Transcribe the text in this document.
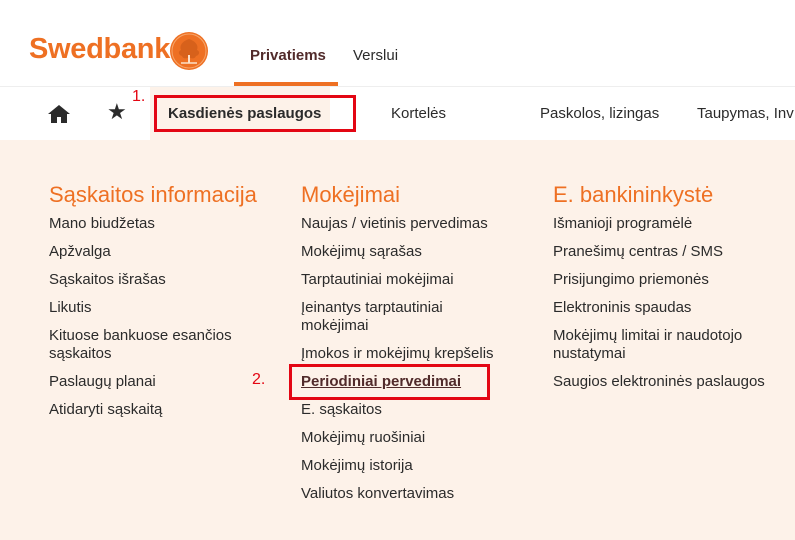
Swedbank	Privatiems Verslui
★	Kasdienės paslaugos	Kortelės	Paskolos, lizingas	Taupymas, Inv
Sąskaitos informacija
Mano biudžetas
Apžvalga
Sąskaitos išrašas
Likutis
Kituose bankuose esančios
sąskaitos
Paslaugų planai
Atidaryti sąskaitą
Mokėjimai
Naujas / vietinis pervedimas
Mokėjimų sąrašas
Tarptautiniai mokėjimai
Įeinantys tarptautiniai
mokėjimai
Įmokos ir mokėjimų krepšelis
Periodiniai pervedimai
E. sąskaitos
Mokėjimų ruošiniai
Mokėjimų istorija
Valiutos konvertavimas
E. bankininkystė
Išmanioji programėlė
Pranešimų centras / SMS
Prisijungimo priemonės
Elektroninis spaudas
Mokėjimų limitai ir naudotojo
nustatymai
Saugios elektroninės paslaugos
1.
2.
